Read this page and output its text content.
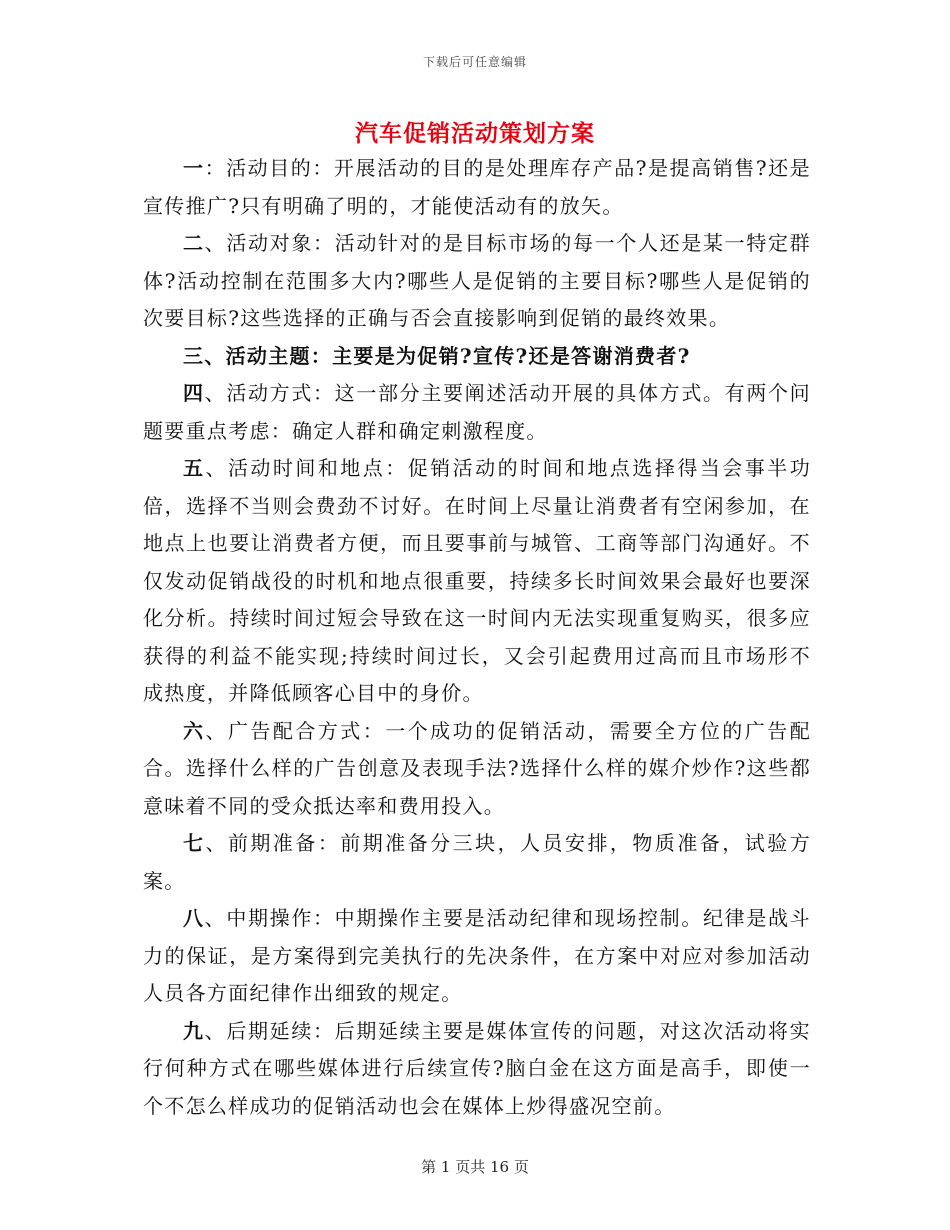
下载后可任意编辑
汽车促销活动策划方案

一：活动目的：开展活动的目的是处理库存产品?是提高销售?还是宣传推广?只有明确了明的，才能使活动有的放矢。

二、活动对象：活动针对的是目标市场的每一个人还是某一特定群体?活动控制在范围多大内?哪些人是促销的主要目标?哪些人是促销的次要目标?这些选择的正确与否会直接影响到促销的最终效果。

三、活动主题：主要是为促销?宣传?还是答谢消费者?

四、活动方式：这一部分主要阐述活动开展的具体方式。有两个问题要重点考虑：确定人群和确定刺激程度。

五、活动时间和地点：促销活动的时间和地点选择得当会事半功倍，选择不当则会费劲不讨好。在时间上尽量让消费者有空闲参加，在地点上也要让消费者方便，而且要事前与城管、工商等部门沟通好。不仅发动促销战役的时机和地点很重要，持续多长时间效果会最好也要深化分析。持续时间过短会导致在这一时间内无法实现重复购买，很多应获得的利益不能实现;持续时间过长，又会引起费用过高而且市场形不成热度，并降低顾客心目中的身价。

六、广告配合方式：一个成功的促销活动，需要全方位的广告配合。选择什么样的广告创意及表现手法?选择什么样的媒介炒作?这些都意味着不同的受众抵达率和费用投入。

七、前期准备：前期准备分三块，人员安排，物质准备，试验方案。

八、中期操作：中期操作主要是活动纪律和现场控制。纪律是战斗力的保证，是方案得到完美执行的先决条件，在方案中对应对参加活动人员各方面纪律作出细致的规定。

九、后期延续：后期延续主要是媒体宣传的问题，对这次活动将实行何种方式在哪些媒体进行后续宣传?脑白金在这方面是高手，即使一个不怎么样成功的促销活动也会在媒体上炒得盛况空前。

第 1 页共 16 页
